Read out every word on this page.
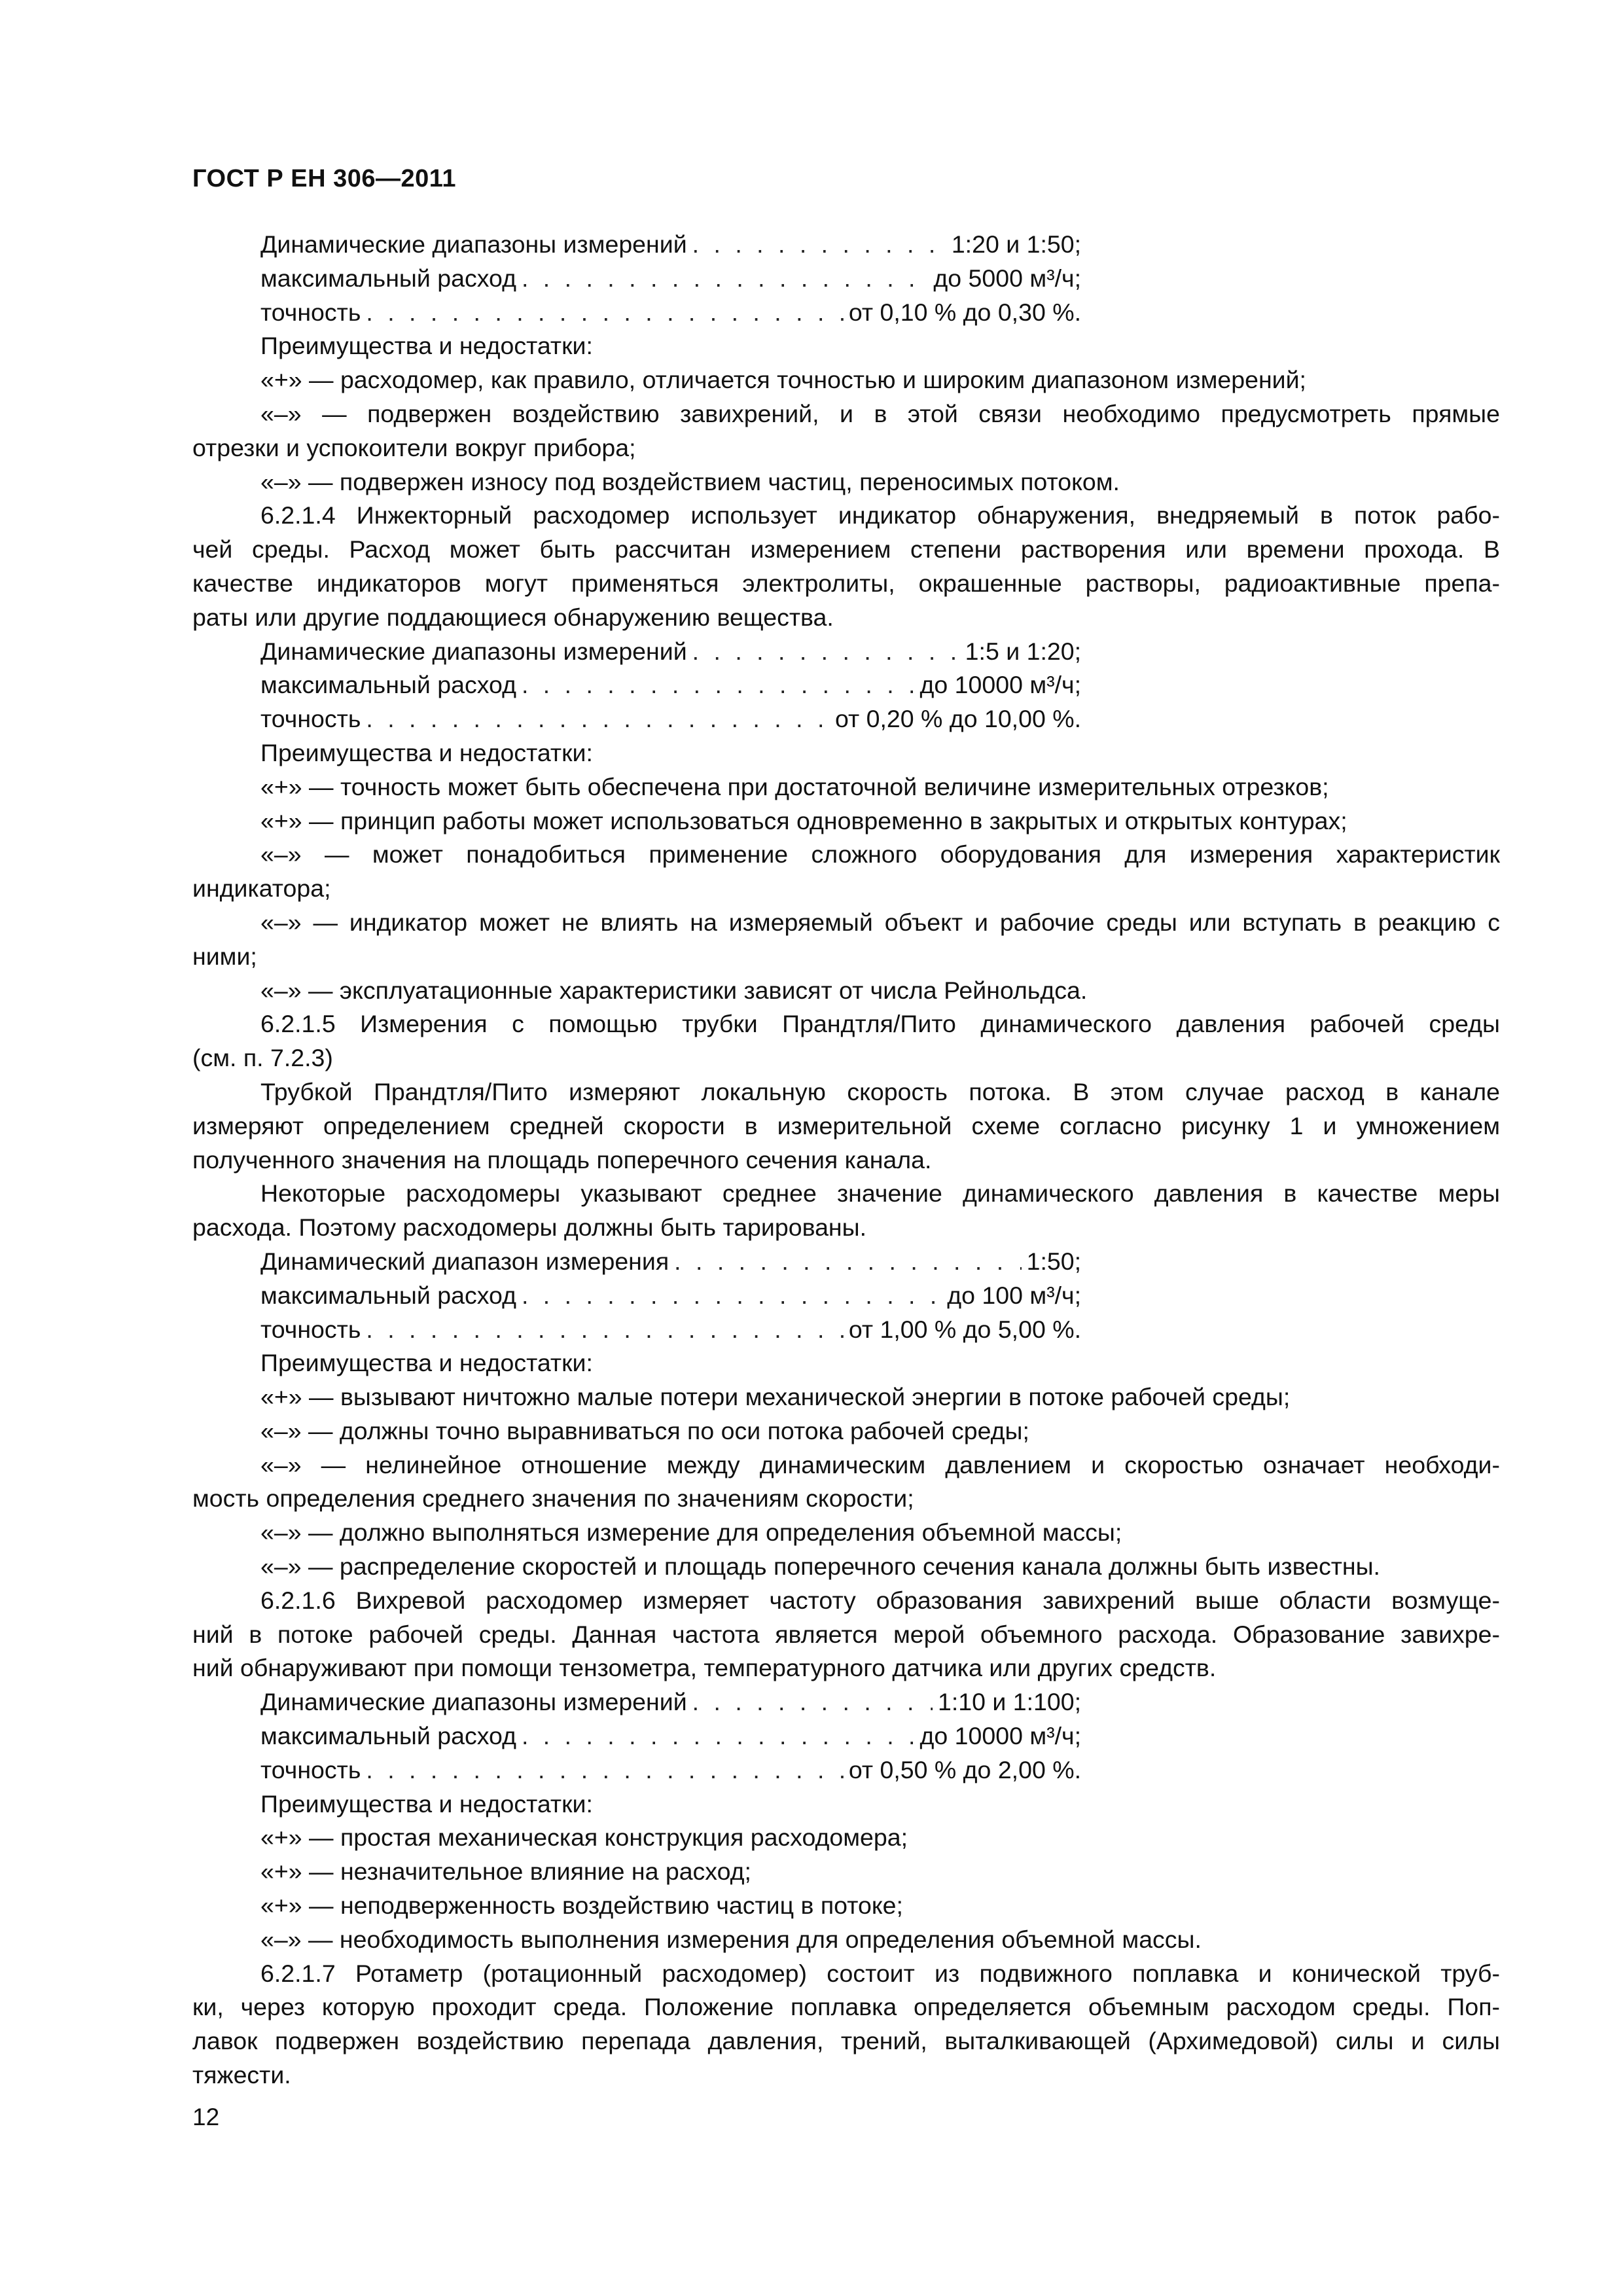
ГОСТ Р ЕН 306—2011
Динамические диапазоны измерений . . .	1:20 и 1:50;
максимальный расход . . .	до 5000 м³/ч;
точность . . .	от 0,10 % до 0,30 %.
Преимущества и недостатки:
«+» — расходомер, как правило, отличается точностью и широким диапазоном измерений;
«–» — подвержен воздействию завихрений, и в этой связи необходимо предусмотреть прямые
отрезки и успокоители вокруг прибора;
«–» — подвержен износу под воздействием частиц, переносимых потоком.
6.2.1.4 Инжекторный расходомер использует индикатор обнаружения, внедряемый в поток рабо-
чей среды. Расход может быть рассчитан измерением степени растворения или времени прохода. В
качестве индикаторов могут применяться электролиты, окрашенные растворы, радиоактивные препа-
раты или другие поддающиеся обнаружению вещества.
Динамические диапазоны измерений . . .	1:5 и 1:20;
максимальный расход . . .	до 10000 м³/ч;
точность . . .	от 0,20 % до 10,00 %.
Преимущества и недостатки:
«+» — точность может быть обеспечена при достаточной величине измерительных отрезков;
«+» — принцип работы может использоваться одновременно в закрытых и открытых контурах;
«–» — может понадобиться применение сложного оборудования для измерения характеристик
индикатора;
«–» — индикатор может не влиять на измеряемый объект и рабочие среды или вступать в реакцию с
ними;
«–» — эксплуатационные характеристики зависят от числа Рейнольдса.
6.2.1.5 Измерения с помощью трубки Прандтля/Пито динамического давления рабочей среды
(см. п. 7.2.3)
Трубкой Прандтля/Пито измеряют локальную скорость потока. В этом случае расход в канале
измеряют определением средней скорости в измерительной схеме согласно рисунку 1 и умножением
полученного значения на площадь поперечного сечения канала.
Некоторые расходомеры указывают среднее значение динамического давления в качестве меры
расхода. Поэтому расходомеры должны быть тарированы.
Динамический диапазон измерения . . .	1:50;
максимальный расход . . .	до 100 м³/ч;
точность . . .	от 1,00 % до 5,00 %.
Преимущества и недостатки:
«+» — вызывают ничтожно малые потери механической энергии в потоке рабочей среды;
«–» — должны точно выравниваться по оси потока рабочей среды;
«–» — нелинейное отношение между динамическим давлением и скоростью означает необходи-
мость определения среднего значения по значениям скорости;
«–» — должно выполняться измерение для определения объемной массы;
«–» — распределение скоростей и площадь поперечного сечения канала должны быть известны.
6.2.1.6 Вихревой расходомер измеряет частоту образования завихрений выше области возмуще-
ний в потоке рабочей среды. Данная частота является мерой объемного расхода. Образование завихре-
ний обнаруживают при помощи тензометра, температурного датчика или других средств.
Динамические диапазоны измерений . . .	1:10 и 1:100;
максимальный расход . . .	до 10000 м³/ч;
точность . . .	от 0,50 % до 2,00 %.
Преимущества и недостатки:
«+» — простая механическая конструкция расходомера;
«+» — незначительное влияние на расход;
«+» — неподверженность воздействию частиц в потоке;
«–» — необходимость выполнения измерения для определения объемной массы.
6.2.1.7 Ротаметр (ротационный расходомер) состоит из подвижного поплавка и конической труб-
ки, через которую проходит среда. Положение поплавка определяется объемным расходом среды. Поп-
лавок подвержен воздействию перепада давления, трений, выталкивающей (Архимедовой) силы и силы
тяжести.
12
